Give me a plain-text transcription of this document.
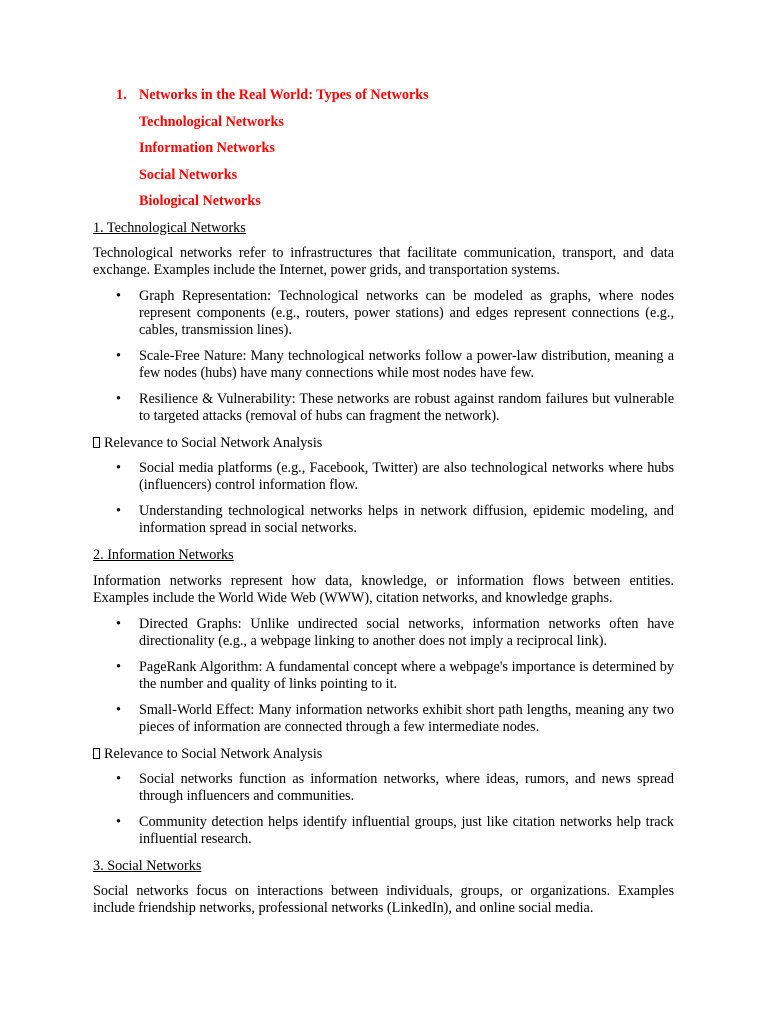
1. Networks in the Real World: Types of Networks
Technological Networks
Information Networks
Social Networks
Biological Networks
1. Technological Networks
Technological networks refer to infrastructures that facilitate communication, transport, and data exchange. Examples include the Internet, power grids, and transportation systems.
• Graph Representation: Technological networks can be modeled as graphs, where nodes represent components (e.g., routers, power stations) and edges represent connections (e.g., cables, transmission lines).
• Scale-Free Nature: Many technological networks follow a power-law distribution, meaning a few nodes (hubs) have many connections while most nodes have few.
• Resilience & Vulnerability: These networks are robust against random failures but vulnerable to targeted attacks (removal of hubs can fragment the network).
Relevance to Social Network Analysis
• Social media platforms (e.g., Facebook, Twitter) are also technological networks where hubs (influencers) control information flow.
• Understanding technological networks helps in network diffusion, epidemic modeling, and information spread in social networks.
2. Information Networks
Information networks represent how data, knowledge, or information flows between entities. Examples include the World Wide Web (WWW), citation networks, and knowledge graphs.
• Directed Graphs: Unlike undirected social networks, information networks often have directionality (e.g., a webpage linking to another does not imply a reciprocal link).
• PageRank Algorithm: A fundamental concept where a webpage's importance is determined by the number and quality of links pointing to it.
• Small-World Effect: Many information networks exhibit short path lengths, meaning any two pieces of information are connected through a few intermediate nodes.
Relevance to Social Network Analysis
• Social networks function as information networks, where ideas, rumors, and news spread through influencers and communities.
• Community detection helps identify influential groups, just like citation networks help track influential research.
3. Social Networks
Social networks focus on interactions between individuals, groups, or organizations. Examples include friendship networks, professional networks (LinkedIn), and online social media.
